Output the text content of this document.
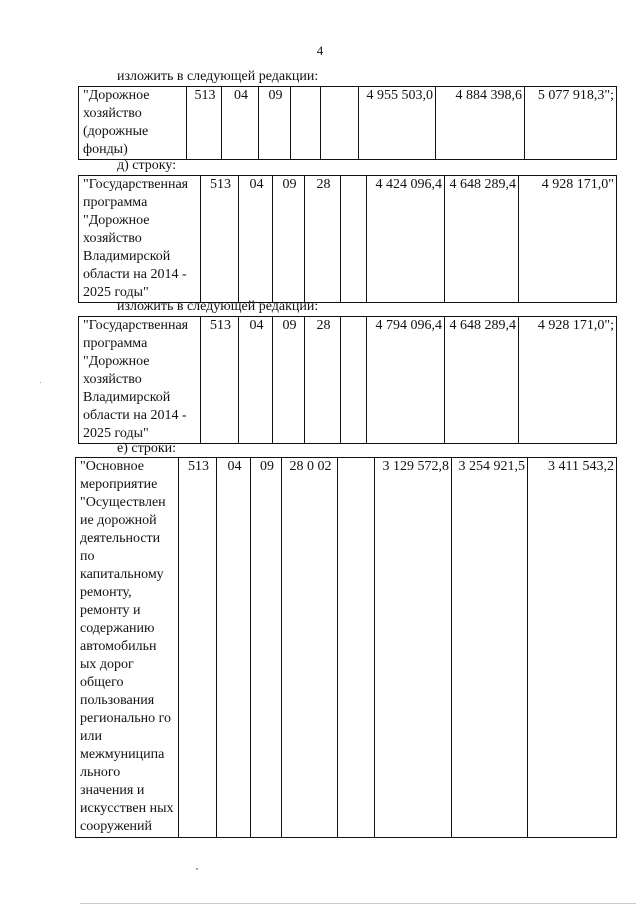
4
изложить в следующей редакции:
"Дорожное хозяйство (дорожные фонды)	513	04	09			4 955 503,0	4 884 398,6	5 077 918,3";
д) строку:
"Государственная программа "Дорожное хозяйство Владимирской области на 2014 - 2025 годы"	513	04	09	28		4 424 096,4	4 648 289,4	4 928 171,0"
изложить в следующей редакции:
"Государственная программа "Дорожное хозяйство Владимирской области на 2014 - 2025 годы"	513	04	09	28		4 794 096,4	4 648 289,4	4 928 171,0";
е) строки:
"Основное мероприятие "Осуществлен ие дорожной деятельности по капитальному ремонту, ремонту и содержанию автомобильн ых дорог общего пользования регионально го или межмуниципа льного значения и искусствен ных сооружений	513	04	09	28 0 02		3 129 572,8	3 254 921,5	3 411 543,2
